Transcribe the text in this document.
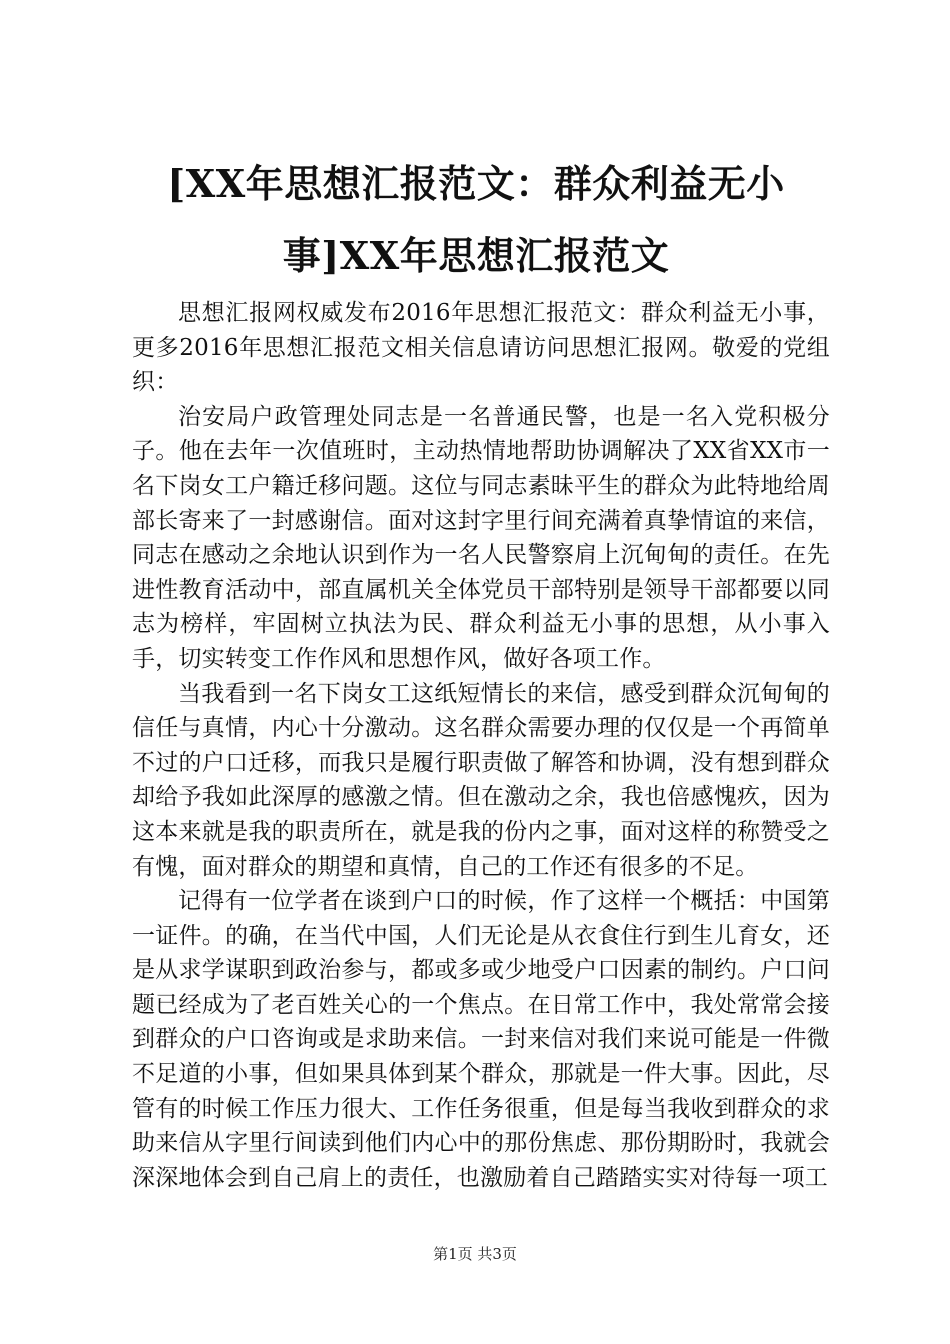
[XX年思想汇报范文：群众利益无小事]XX年思想汇报范文

思想汇报网权威发布2016年思想汇报范文：群众利益无小事，更多2016年思想汇报范文相关信息请访问思想汇报网。敬爱的党组织：

治安局户政管理处同志是一名普通民警，也是一名入党积极分子。他在去年一次值班时，主动热情地帮助协调解决了XX省XX市一名下岗女工户籍迁移问题。这位与同志素昧平生的群众为此特地给周部长寄来了一封感谢信。面对这封字里行间充满着真挚情谊的来信，同志在感动之余地认识到作为一名人民警察肩上沉甸甸的责任。在先进性教育活动中，部直属机关全体党员干部特别是领导干部都要以同志为榜样，牢固树立执法为民、群众利益无小事的思想，从小事入手，切实转变工作作风和思想作风，做好各项工作。

当我看到一名下岗女工这纸短情长的来信，感受到群众沉甸甸的信任与真情，内心十分激动。这名群众需要办理的仅仅是一个再简单不过的户口迁移，而我只是履行职责做了解答和协调，没有想到群众却给予我如此深厚的感激之情。但在激动之余，我也倍感愧疚，因为这本来就是我的职责所在，就是我的份内之事，面对这样的称赞受之有愧，面对群众的期望和真情，自己的工作还有很多的不足。

记得有一位学者在谈到户口的时候，作了这样一个概括：中国第一证件。的确，在当代中国，人们无论是从衣食住行到生儿育女，还是从求学谋职到政治参与，都或多或少地受户口因素的制约。户口问题已经成为了老百姓关心的一个焦点。在日常工作中，我处常常会接到群众的户口咨询或是求助来信。一封来信对我们来说可能是一件微不足道的小事，但如果具体到某个群众，那就是一件大事。因此，尽管有的时候工作压力很大、工作任务很重，但是每当我收到群众的求助来信从字里行间读到他们内心中的那份焦虑、那份期盼时，我就会深深地体会到自己肩上的责任，也激励着自己踏踏实实对待每一项工

第1页 共3页
